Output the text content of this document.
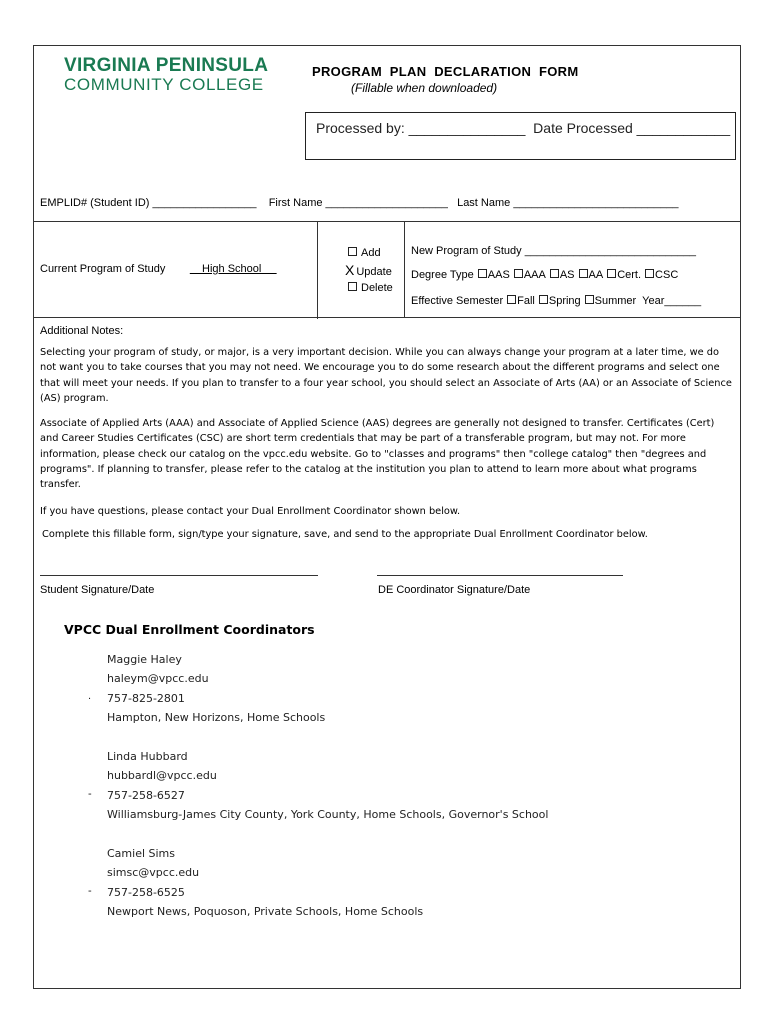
VIRGINIA PENINSULA
COMMUNITY COLLEGE
PROGRAM  PLAN  DECLARATION  FORM
(Fillable when downloaded)
Processed by: _______________  Date Processed ____________
EMPLID# (Student ID) _________________    First Name ____________________   Last Name ___________________________
Current Program of Study            High School
Add
X Update
Delete
New Program of Study ____________________________
Degree Type AAS AAA AS AA Cert. CSC
Effective Semester Fall Spring Summer Year______
Additional Notes:
Selecting your program of study, or major, is a very important decision. While you can always change your program at a later time, we do not want you to take courses that you may not need. We encourage you to do some research about the different programs and select one that will meet your needs. If you plan to transfer to a four year school, you should select an Associate of Arts (AA) or an Associate of Science (AS) program.
Associate of Applied Arts (AAA) and Associate of Applied Science (AAS) degrees are generally not designed to transfer. Certificates (Cert) and Career Studies Certificates (CSC) are short term credentials that may be part of a transferable program, but may not. For more information, please check our catalog on the vpcc.edu website. Go to "classes and programs" then "college catalog" then "degrees and programs". If planning to transfer, please refer to the catalog at the institution you plan to attend to learn more about what programs transfer.
If you have questions, please contact your Dual Enrollment Coordinator shown below.
Complete this fillable form, sign/type your signature, save, and send to the appropriate Dual Enrollment Coordinator below.
Student Signature/Date	DE Coordinator Signature/Date
VPCC Dual Enrollment Coordinators
Maggie Haley
haleym@vpcc.edu
. 757-825-2801
Hampton, New Horizons, Home Schools
Linda Hubbard
hubbardl@vpcc.edu
- 757-258-6527
Williamsburg-James City County, York County, Home Schools, Governor's School
Camiel Sims
simsc@vpcc.edu
- 757-258-6525
Newport News, Poquoson, Private Schools, Home Schools
